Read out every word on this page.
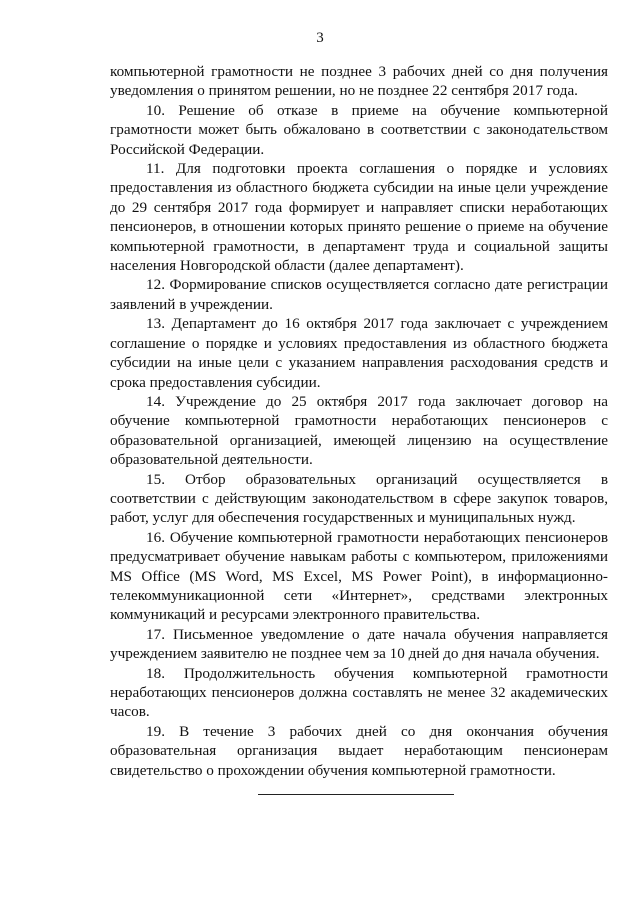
3

компьютерной грамотности не позднее 3 рабочих дней со дня получения уведомления о принятом решении, но не позднее 22 сентября 2017 года.

10. Решение об отказе в приеме на обучение компьютерной грамотности может быть обжаловано в соответствии с законодательством Российской Федерации.

11. Для подготовки проекта соглашения о порядке и условиях предоставления из областного бюджета субсидии на иные цели учреждение до 29 сентября 2017 года формирует и направляет списки неработающих пенсионеров, в отношении которых принято решение о приеме на обучение компьютерной грамотности, в департамент труда и социальной защиты населения Новгородской области (далее департамент).

12. Формирование списков осуществляется согласно дате регистрации заявлений в учреждении.

13. Департамент до 16 октября 2017 года заключает с учреждением соглашение о порядке и условиях предоставления из областного бюджета субсидии на иные цели с указанием направления расходования средств и срока предоставления субсидии.

14. Учреждение до 25 октября 2017 года заключает договор на обучение компьютерной грамотности неработающих пенсионеров с образовательной организацией, имеющей лицензию на осуществление образовательной деятельности.

15. Отбор образовательных организаций осуществляется в соответствии с действующим законодательством в сфере закупок товаров, работ, услуг для обеспечения государственных и муниципальных нужд.

16. Обучение компьютерной грамотности неработающих пенсионеров предусматривает обучение навыкам работы с компьютером, приложениями MS Office (MS Word, MS Excel, MS Power Point), в информационно-телекоммуникационной сети «Интернет», средствами электронных коммуникаций и ресурсами электронного правительства.

17. Письменное уведомление о дате начала обучения направляется учреждением заявителю не позднее чем за 10 дней до дня начала обучения.

18. Продолжительность обучения компьютерной грамотности неработающих пенсионеров должна составлять не менее 32 академических часов.

19. В течение 3 рабочих дней со дня окончания обучения образовательная организация выдает неработающим пенсионерам свидетельство о прохождении обучения компьютерной грамотности.
